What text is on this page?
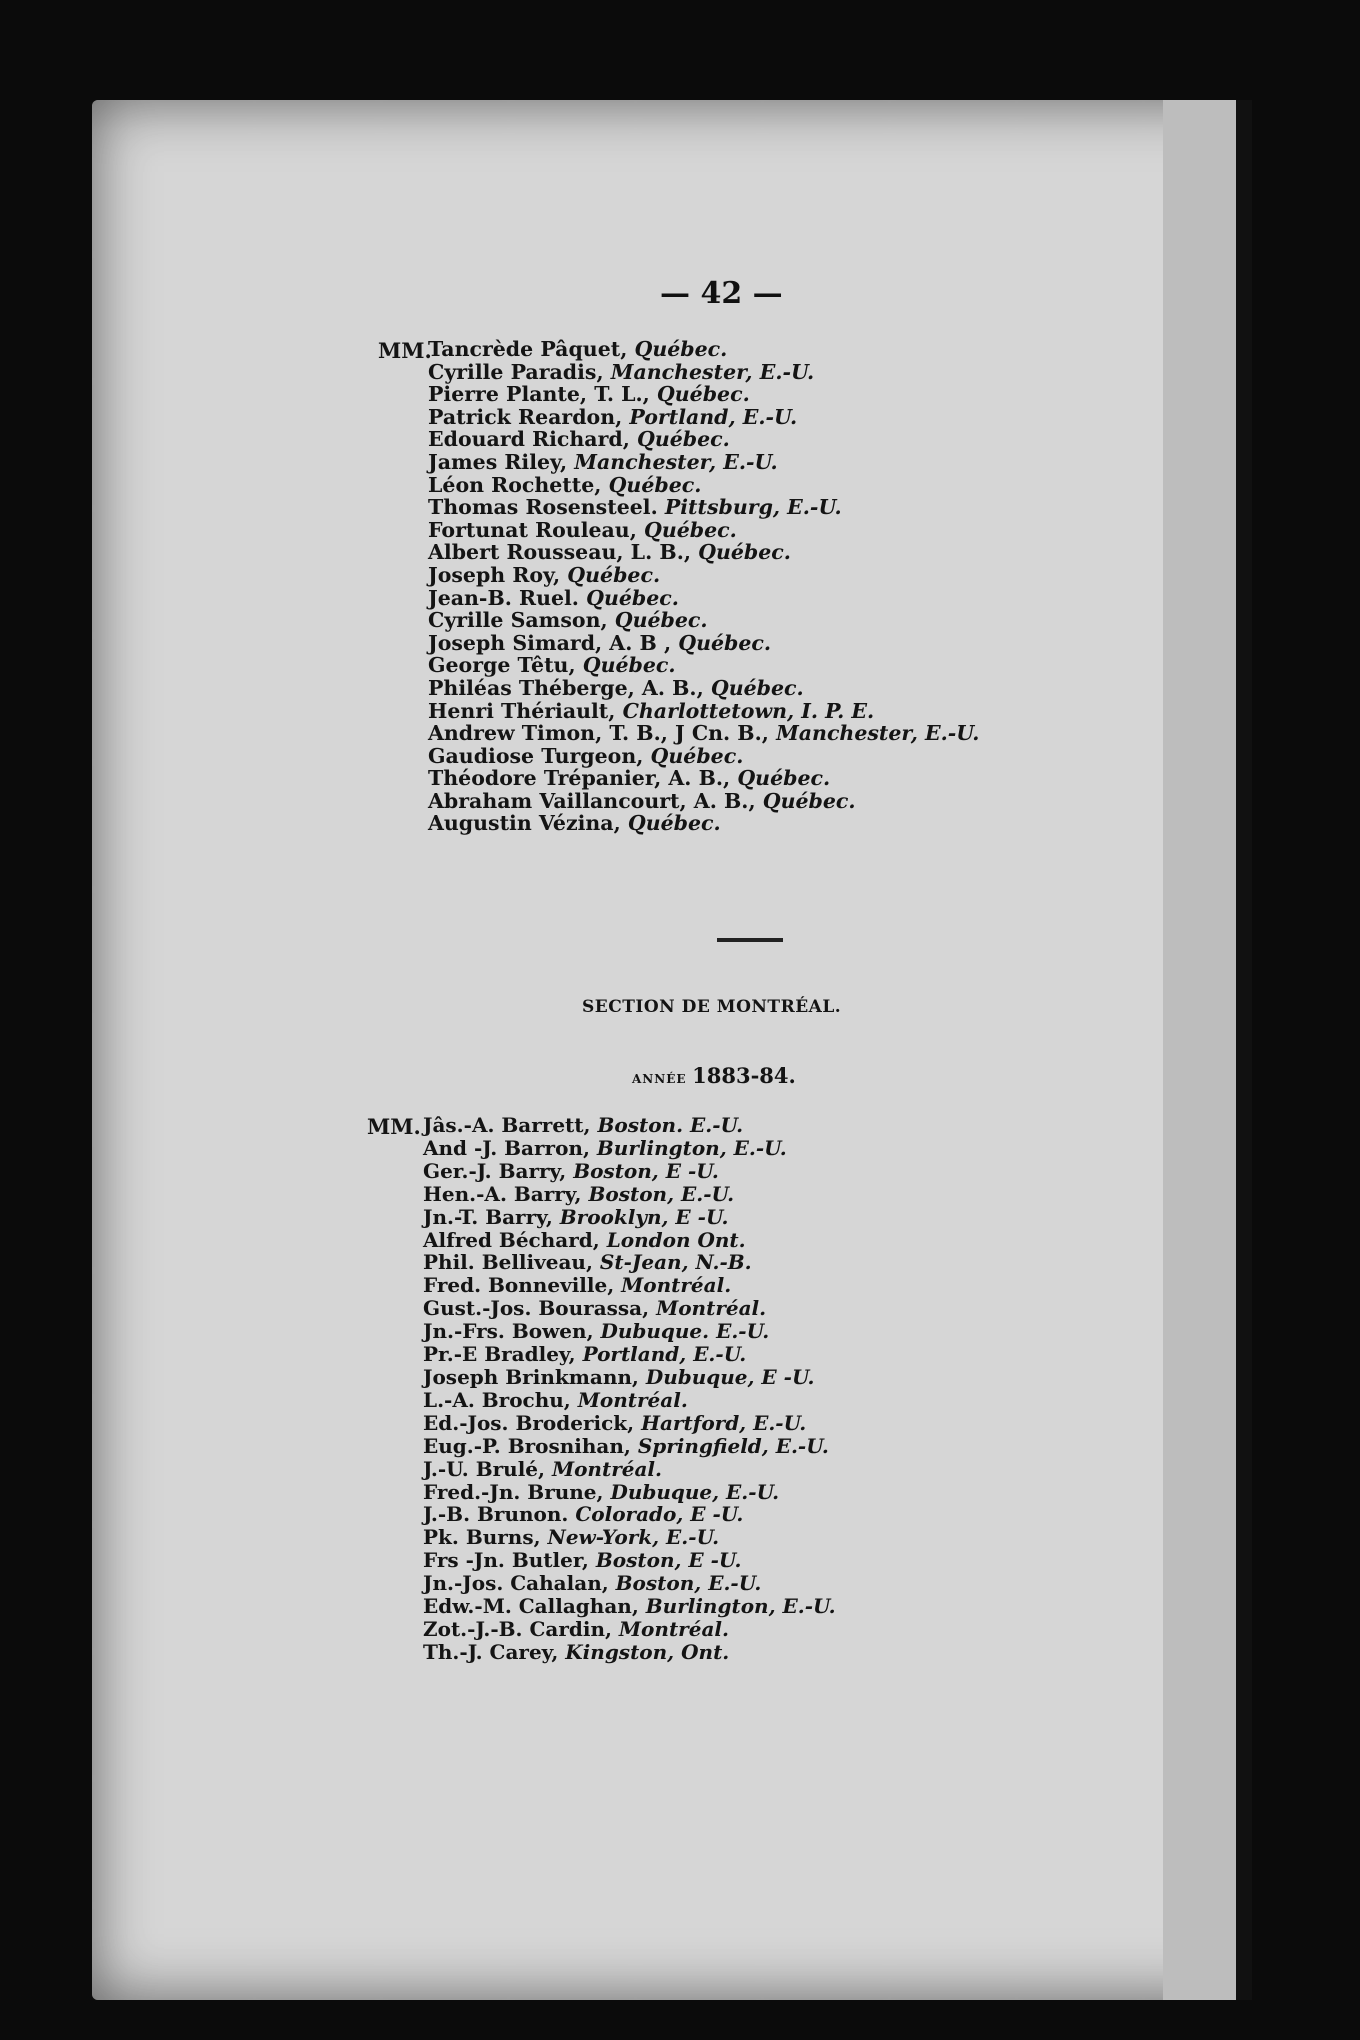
— 42 —
MM.
Tancrède Pâquet, Québec.
Cyrille Paradis, Manchester, E.-U.
Pierre Plante, T. L., Québec.
Patrick Reardon, Portland, E.-U.
Edouard Richard, Québec.
James Riley, Manchester, E.-U.
Léon Rochette, Québec.
Thomas Rosensteel. Pittsburg, E.-U.
Fortunat Rouleau, Québec.
Albert Rousseau, L. B., Québec.
Joseph Roy, Québec.
Jean-B. Ruel. Québec.
Cyrille Samson, Québec.
Joseph Simard, A. B , Québec.
George Têtu, Québec.
Philéas Théberge, A. B., Québec.
Henri Thériault, Charlottetown, I. P. E.
Andrew Timon, T. B., J Cn. B., Manchester, E.-U.
Gaudiose Turgeon, Québec.
Théodore Trépanier, A. B., Québec.
Abraham Vaillancourt, A. B., Québec.
Augustin Vézina, Québec.
SECTION DE MONTRÉAL.
ANNÉE 1883-84.
MM. Jâs.-A. Barrett, Boston. E.-U.
And -J. Barron, Burlington, E.-U.
Ger.-J. Barry, Boston, E -U.
Hen.-A. Barry, Boston, E.-U.
Jn.-T. Barry, Brooklyn, E -U.
Alfred Béchard, London Ont.
Phil. Belliveau, St-Jean, N.-B.
Fred. Bonneville, Montréal.
Gust.-Jos. Bourassa, Montréal.
Jn.-Frs. Bowen, Dubuque. E.-U.
Pr.-E Bradley, Portland, E.-U.
Joseph Brinkmann, Dubuque, E -U.
L.-A. Brochu, Montréal.
Ed.-Jos. Broderick, Hartford, E.-U.
Eug.-P. Brosnihan, Springfield, E.-U.
J.-U. Brulé, Montréal.
Fred.-Jn. Brune, Dubuque, E.-U.
J.-B. Brunon. Colorado, E -U.
Pk. Burns, New-York, E.-U.
Frs -Jn. Butler, Boston, E -U.
Jn.-Jos. Cahalan, Boston, E.-U.
Edw.-M. Callaghan, Burlington, E.-U.
Zot.-J.-B. Cardin, Montréal.
Th.-J. Carey, Kingston, Ont.
